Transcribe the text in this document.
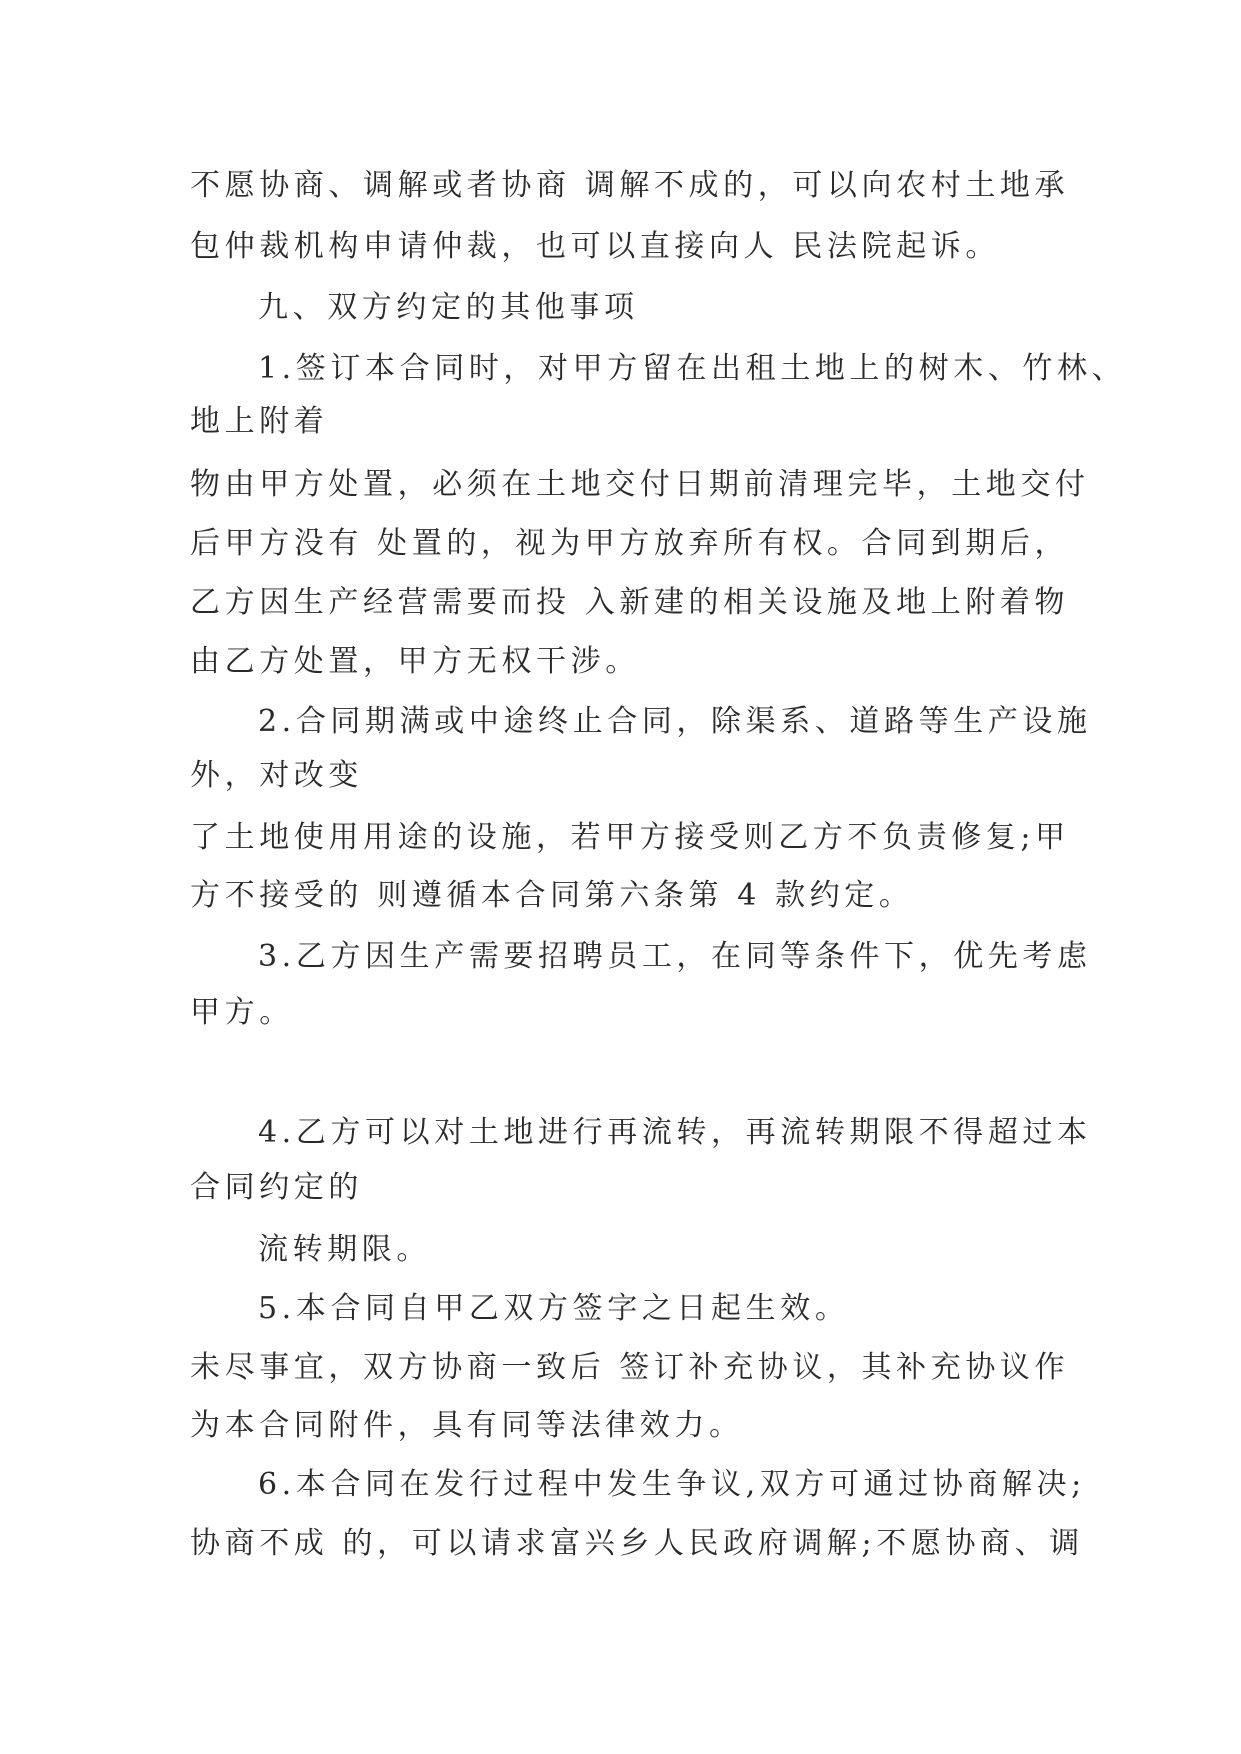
不愿协商、调解或者协商 调解不成的，可以向农村土地承
包仲裁机构申请仲裁，也可以直接向人 民法院起诉。
九、双方约定的其他事项
1.签订本合同时，对甲方留在出租土地上的树木、竹林、
地上附着
物由甲方处置，必须在土地交付日期前清理完毕，土地交付
后甲方没有 处置的，视为甲方放弃所有权。合同到期后，
乙方因生产经营需要而投 入新建的相关设施及地上附着物
由乙方处置，甲方无权干涉。
2.合同期满或中途终止合同，除渠系、道路等生产设施
外，对改变
了土地使用用途的设施，若甲方接受则乙方不负责修复;甲
方不接受的 则遵循本合同第六条第 4 款约定。
3.乙方因生产需要招聘员工，在同等条件下，优先考虑
甲方。
4.乙方可以对土地进行再流转，再流转期限不得超过本
合同约定的
流转期限。
5.本合同自甲乙双方签字之日起生效。
未尽事宜，双方协商一致后 签订补充协议，其补充协议作
为本合同附件，具有同等法律效力。
6.本合同在发行过程中发生争议,双方可通过协商解决;
协商不成 的，可以请求富兴乡人民政府调解;不愿协商、调
